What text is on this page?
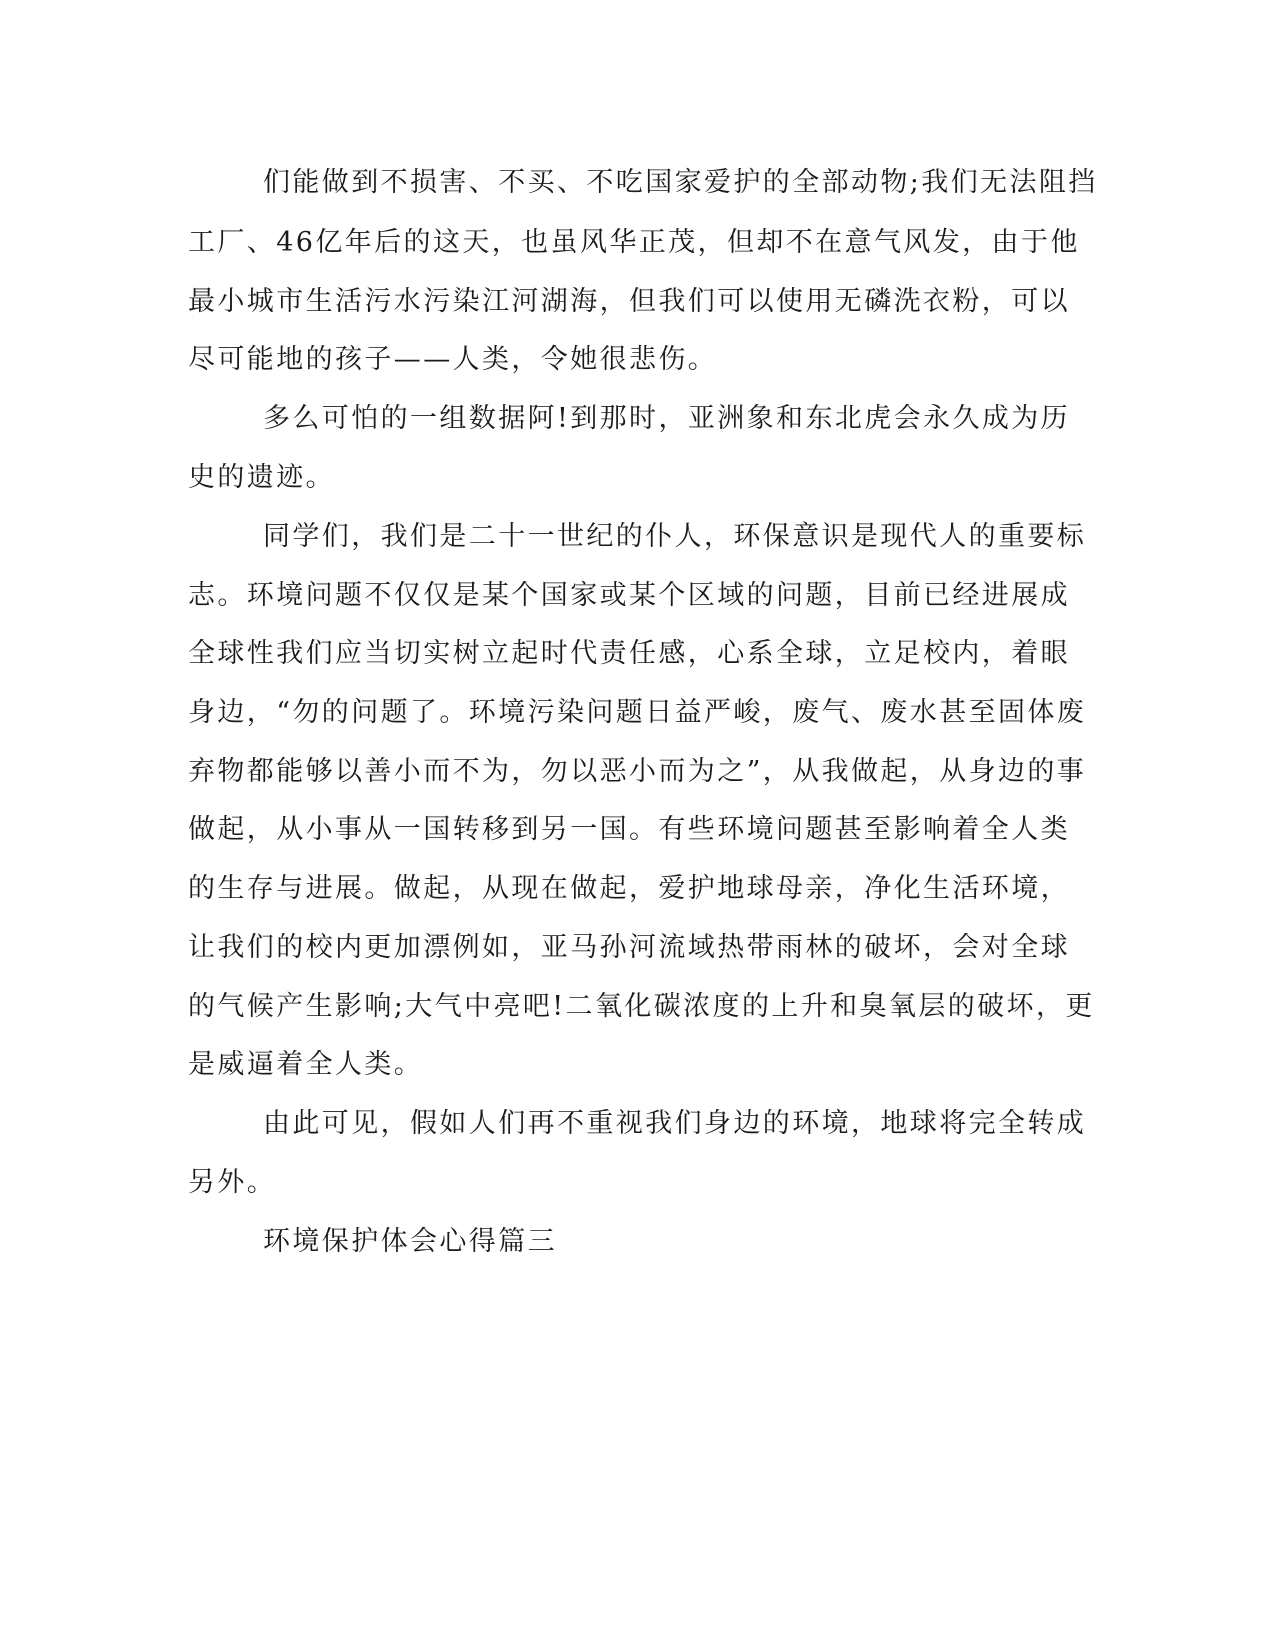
们能做到不损害、不买、不吃国家爱护的全部动物;我们无法阻挡
工厂、46亿年后的这天，也虽风华正茂，但却不在意气风发，由于他
最小城市生活污水污染江河湖海，但我们可以使用无磷洗衣粉，可以
尽可能地的孩子——人类，令她很悲伤。
多么可怕的一组数据阿!到那时，亚洲象和东北虎会永久成为历
史的遗迹。
同学们，我们是二十一世纪的仆人，环保意识是现代人的重要标
志。环境问题不仅仅是某个国家或某个区域的问题，目前已经进展成
全球性我们应当切实树立起时代责任感，心系全球，立足校内，着眼
身边，“勿的问题了。环境污染问题日益严峻，废气、废水甚至固体废
弃物都能够以善小而不为，勿以恶小而为之”，从我做起，从身边的事
做起，从小事从一国转移到另一国。有些环境问题甚至影响着全人类
的生存与进展。做起，从现在做起，爱护地球母亲，净化生活环境，
让我们的校内更加漂例如，亚马孙河流域热带雨林的破坏，会对全球
的气候产生影响;大气中亮吧!二氧化碳浓度的上升和臭氧层的破坏，更
是威逼着全人类。
由此可见，假如人们再不重视我们身边的环境，地球将完全转成
另外。
环境保护体会心得篇三
